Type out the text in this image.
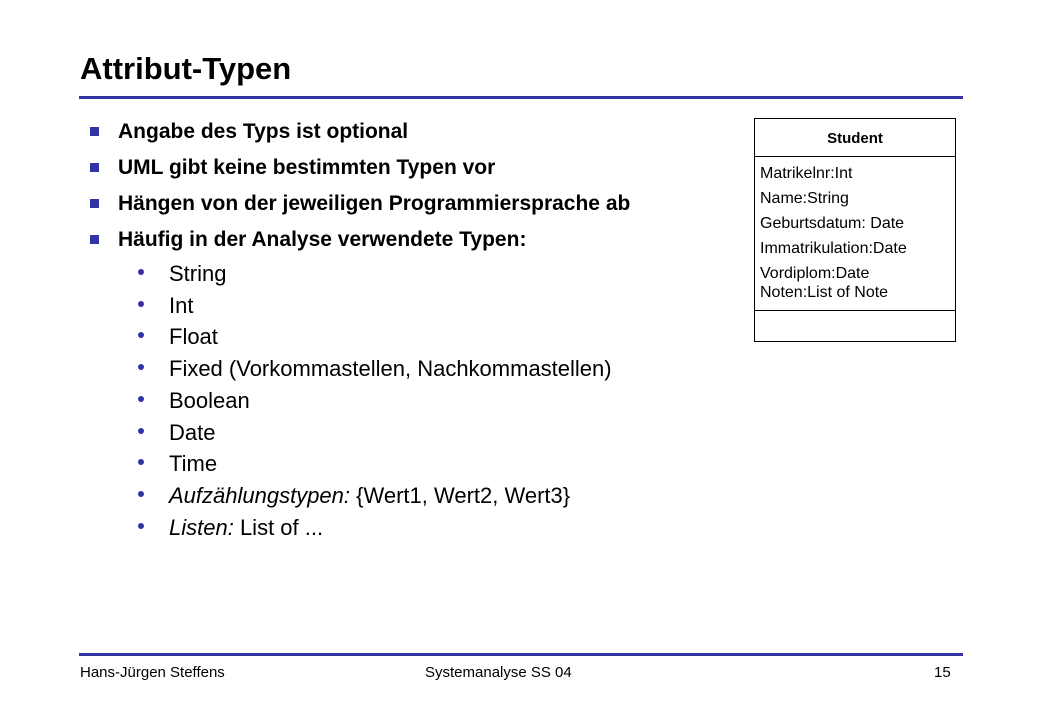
Attribut-Typen
Angabe des Typs ist optional
UML gibt keine bestimmten Typen vor
Hängen von der jeweiligen Programmiersprache ab
Häufig in der Analyse verwendete Typen:
String
Int
Float
Fixed (Vorkommastellen, Nachkommastellen)
Boolean
Date
Time
Aufzählungstypen: {Wert1, Wert2, Wert3}
Listen: List of ...
Student
Matrikelnr:Int
Name:String
Geburtsdatum: Date
Immatrikulation:Date
Vordiplom:Date
Noten:List of Note
Hans-Jürgen Steffens	Systemanalyse SS 04	15
